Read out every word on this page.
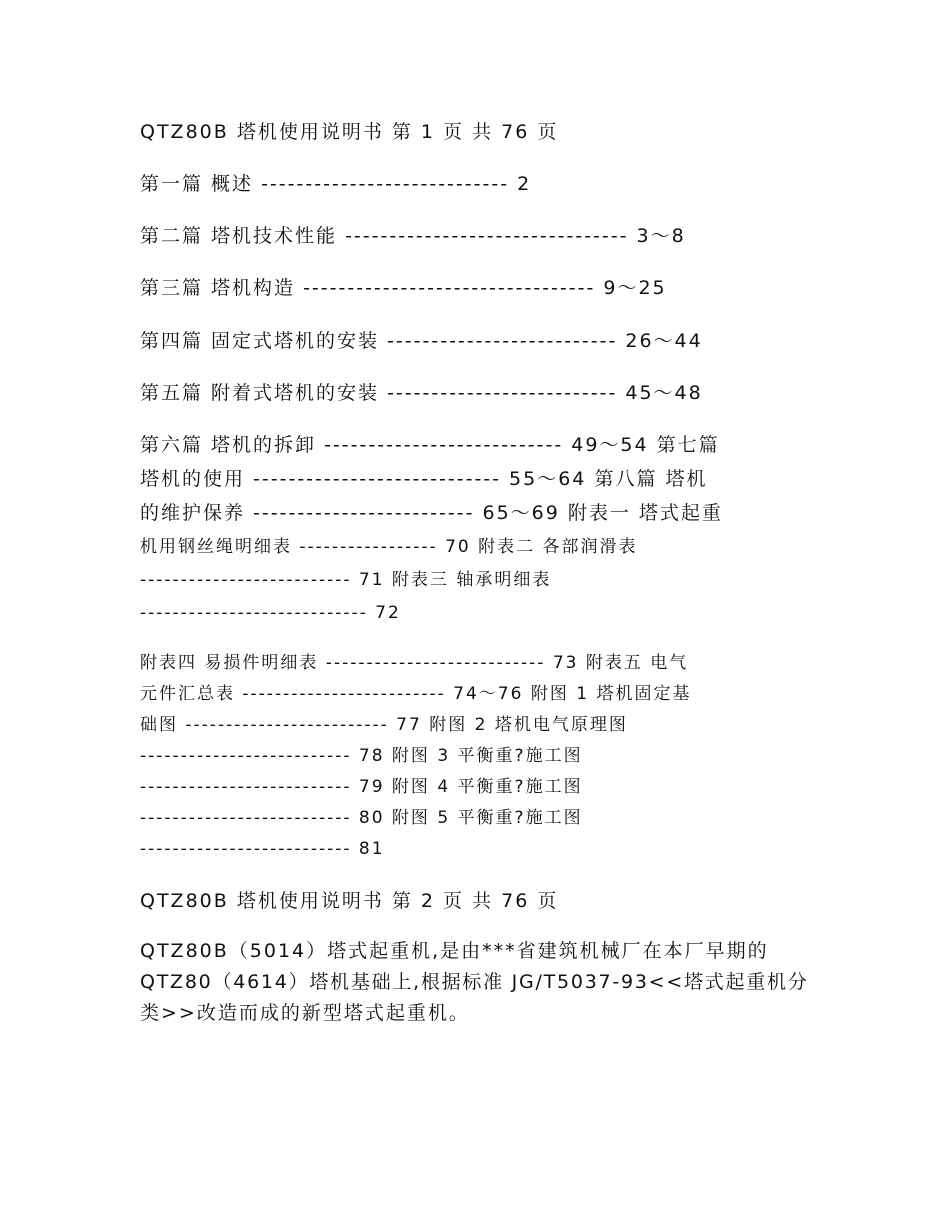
QTZ80B 塔机使用说明书 第 1 页 共 76 页
第一篇 概述 ---------------------------- 2
第二篇 塔机技术性能 -------------------------------- 3～8
第三篇 塔机构造 --------------------------------- 9～25
第四篇 固定式塔机的安装 -------------------------- 26～44
第五篇 附着式塔机的安装 -------------------------- 45～48
第六篇 塔机的拆卸 --------------------------- 49～54 第七篇
塔机的使用 ---------------------------- 55～64 第八篇 塔机
的维护保养 ------------------------- 65～69 附表一 塔式起重
机用钢丝绳明细表 ----------------- 70 附表二 各部润滑表
-------------------------- 71 附表三 轴承明细表
---------------------------- 72
附表四 易损件明细表 --------------------------- 73 附表五 电气
元件汇总表 ------------------------- 74～76 附图 1 塔机固定基
础图 ------------------------- 77 附图 2 塔机电气原理图
-------------------------- 78 附图 3 平衡重?施工图
-------------------------- 79 附图 4 平衡重?施工图
-------------------------- 80 附图 5 平衡重?施工图
-------------------------- 81
QTZ80B 塔机使用说明书 第 2 页 共 76 页
QTZ80B（5014）塔式起重机,是由***省建筑机械厂在本厂早期的
QTZ80（4614）塔机基础上,根据标准 JG/T5037-93<<塔式起重机分
类>>改造而成的新型塔式起重机。
